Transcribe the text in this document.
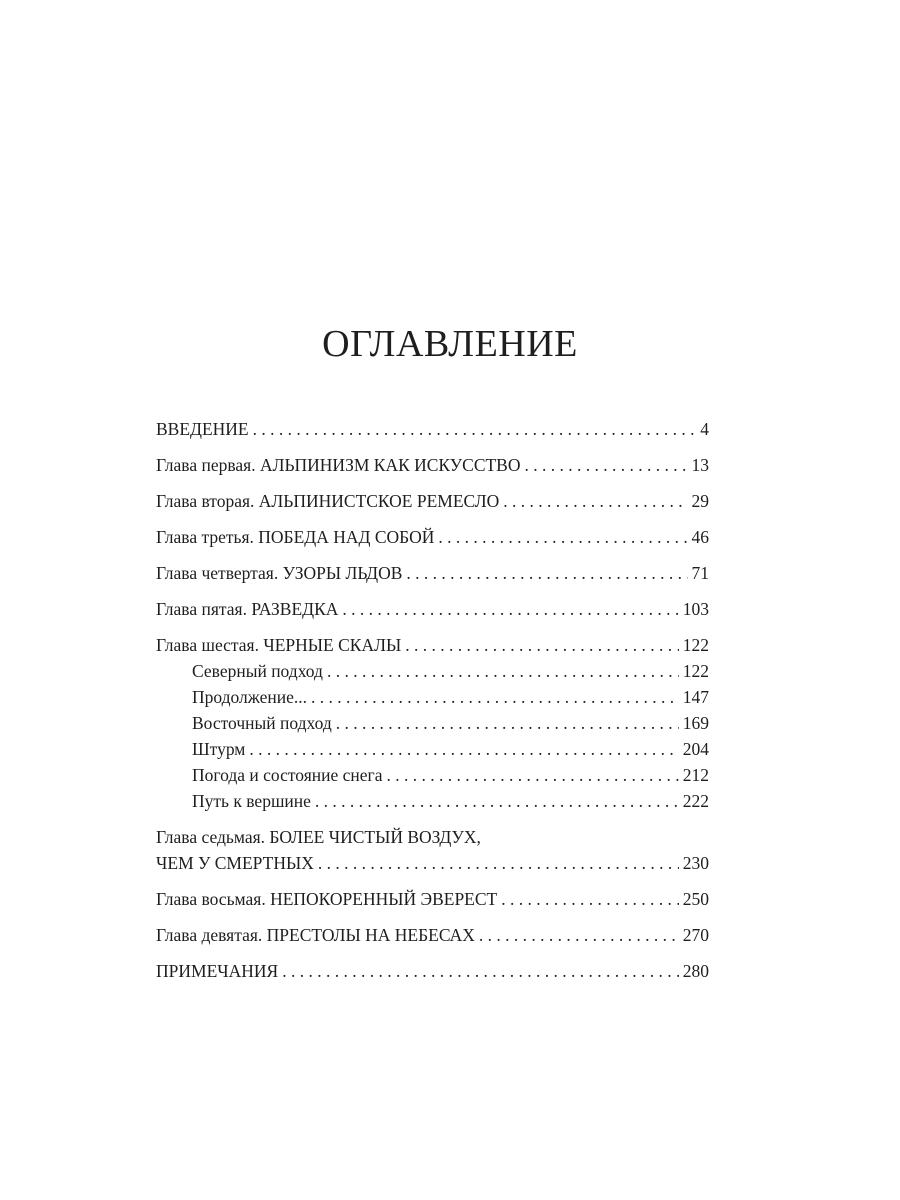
ОГЛАВЛЕНИЕ
ВВЕДЕНИЕ . . .	4
Глава первая. АЛЬПИНИЗМ КАК ИСКУССТВО . . .	13
Глава вторая. АЛЬПИНИСТСКОЕ РЕМЕСЛО . . .	29
Глава третья. ПОБЕДА НАД СОБОЙ . . .	46
Глава четвертая. УЗОРЫ ЛЬДОВ . . .	71
Глава пятая. РАЗВЕДКА . . .	103
Глава шестая. ЧЕРНЫЕ СКАЛЫ . . .	122
Северный подход . . .	122
Продолжение... . . .	147
Восточный подход . . .	169
Штурм . . .	204
Погода и состояние снега . . .	212
Путь к вершине . . .	222
Глава седьмая. БОЛЕЕ ЧИСТЫЙ ВОЗДУХ,
ЧЕМ У СМЕРТНЫХ . . .	230
Глава восьмая. НЕПОКОРЕННЫЙ ЭВЕРЕСТ . . .	250
Глава девятая. ПРЕСТОЛЫ НА НЕБЕСАХ . . .	270
ПРИМЕЧАНИЯ . . .	280
